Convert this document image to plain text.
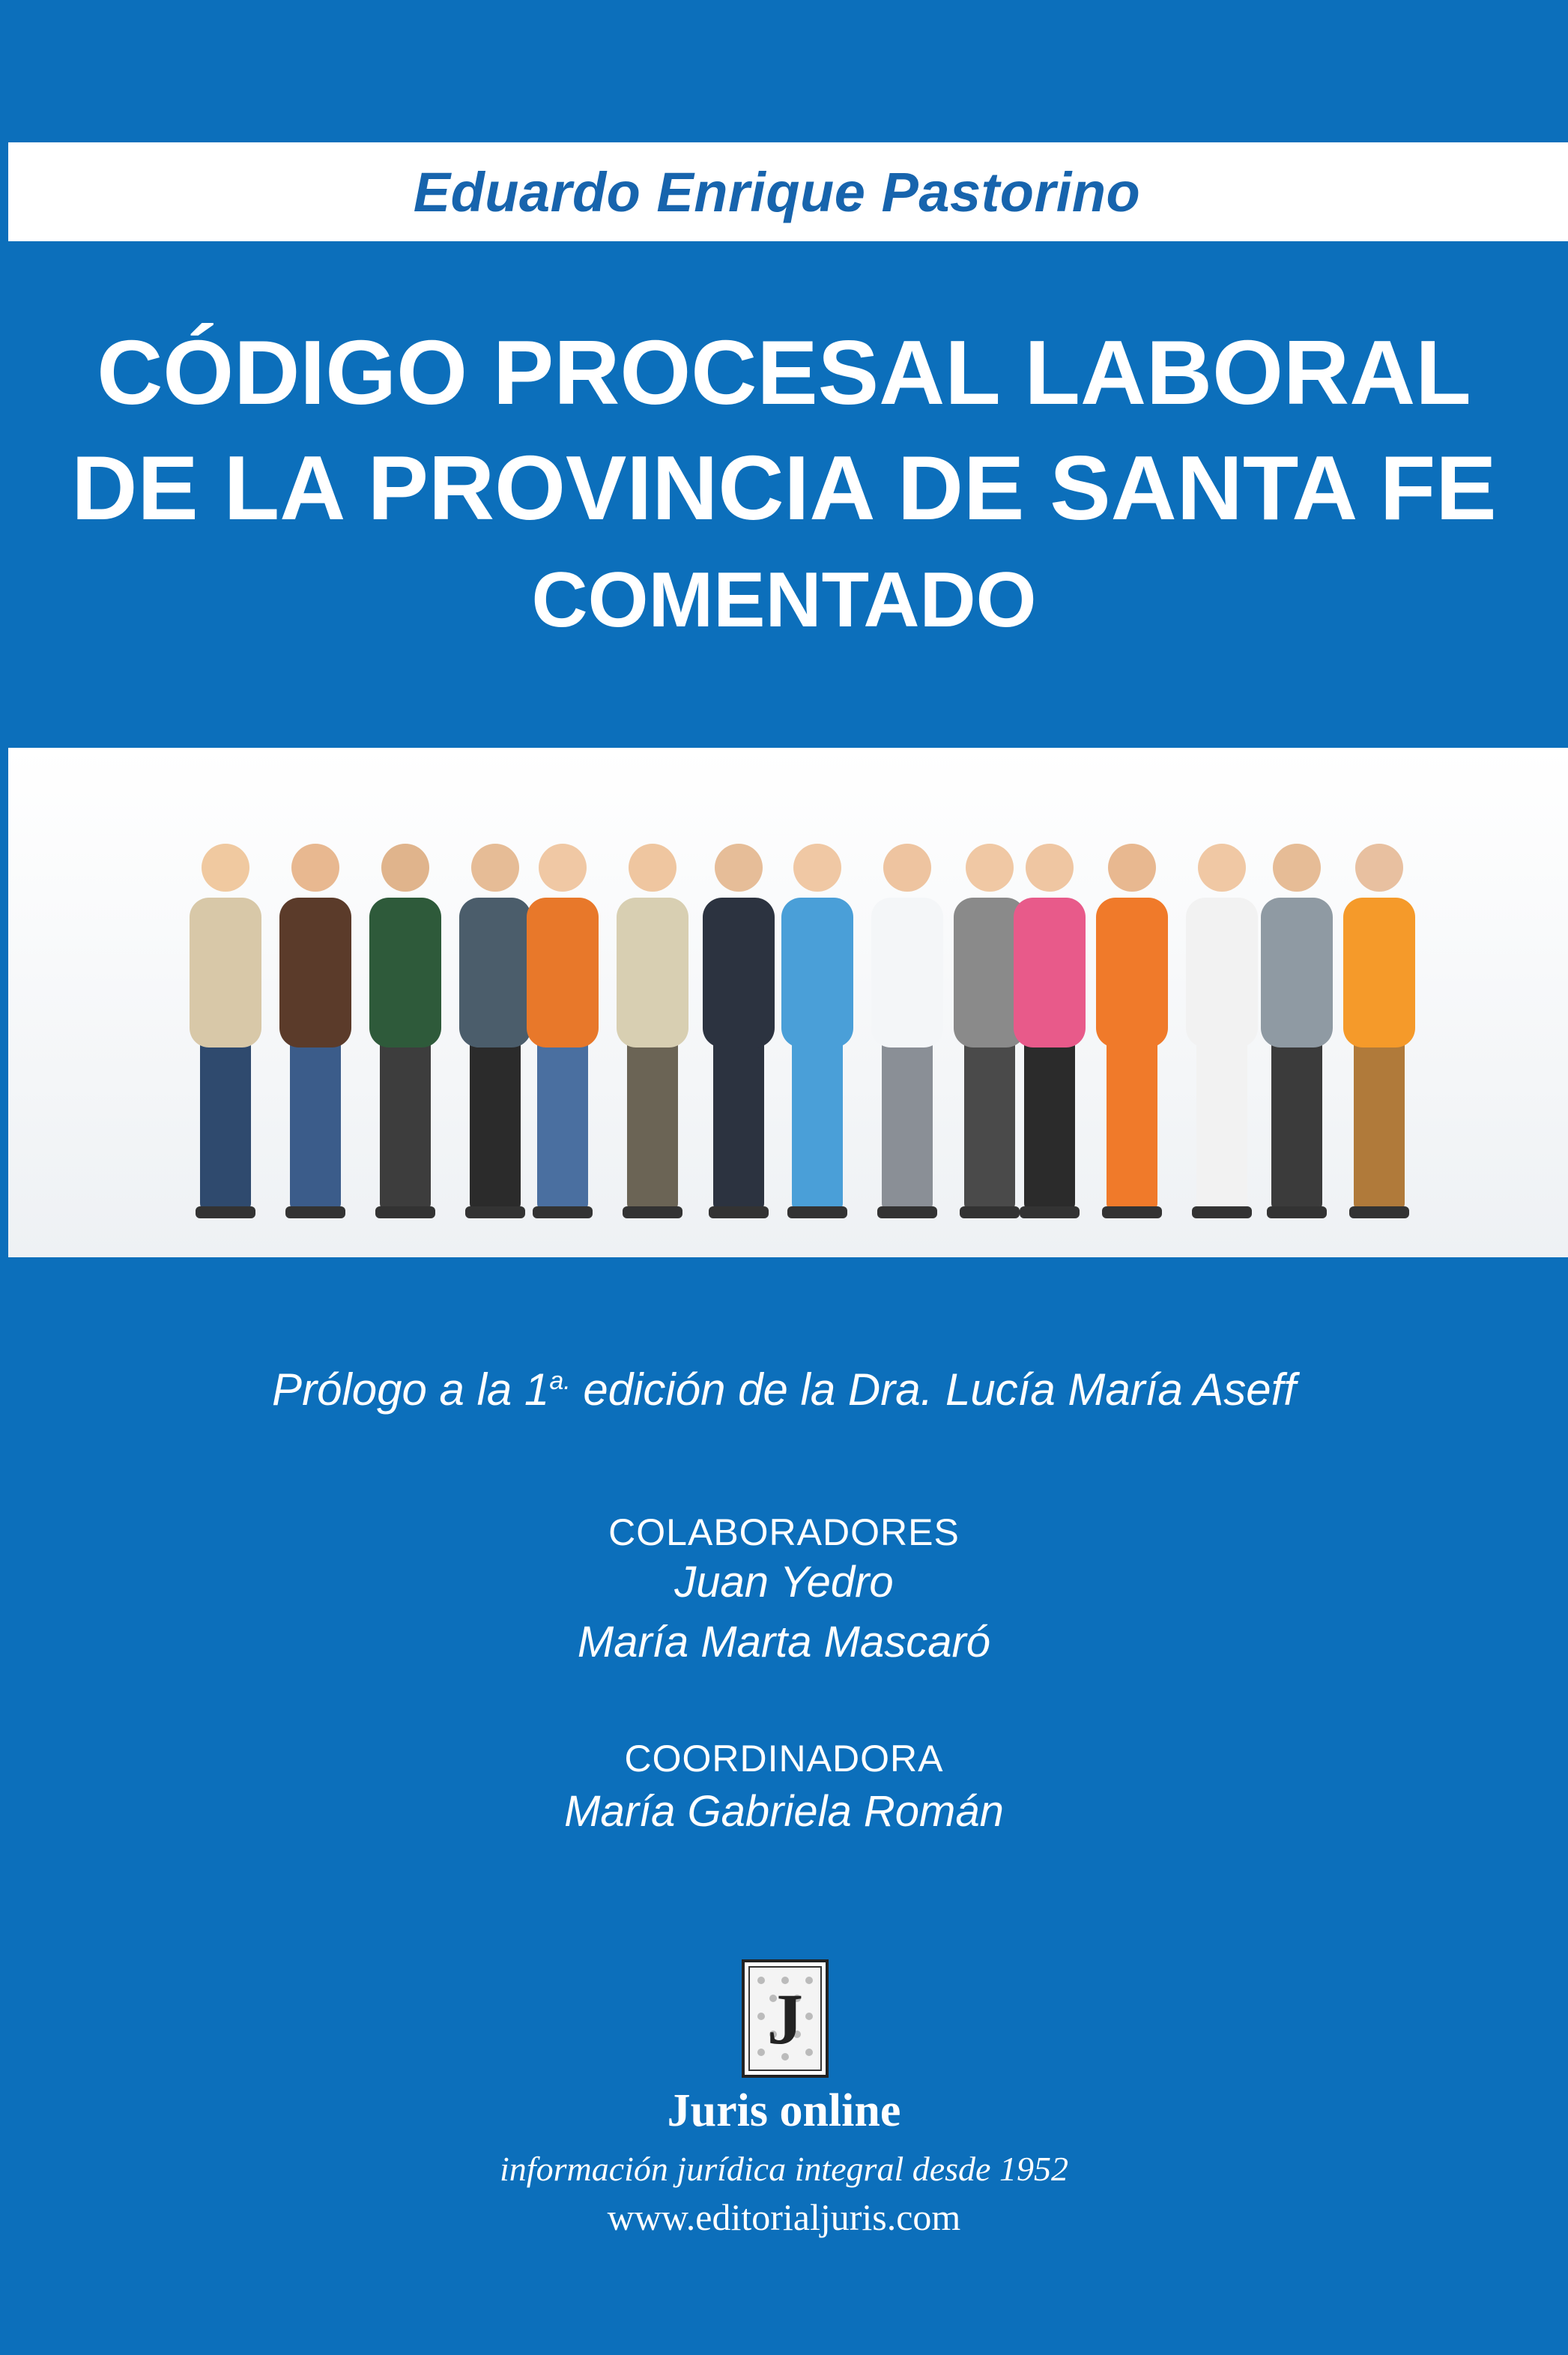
Eduardo Enrique Pastorino
CÓDIGO PROCESAL LABORAL
DE LA PROVINCIA DE SANTA FE
COMENTADO
Prólogo a la $1^{a.}$ edición de la Dra. Lucía María Aseff
COLABORADORES
Juan Yedro
María Marta Mascaró
COORDINADORA
María Gabriela Román
J
Juris online
información jurídica integral desde 1952
www.editorialjuris.com
